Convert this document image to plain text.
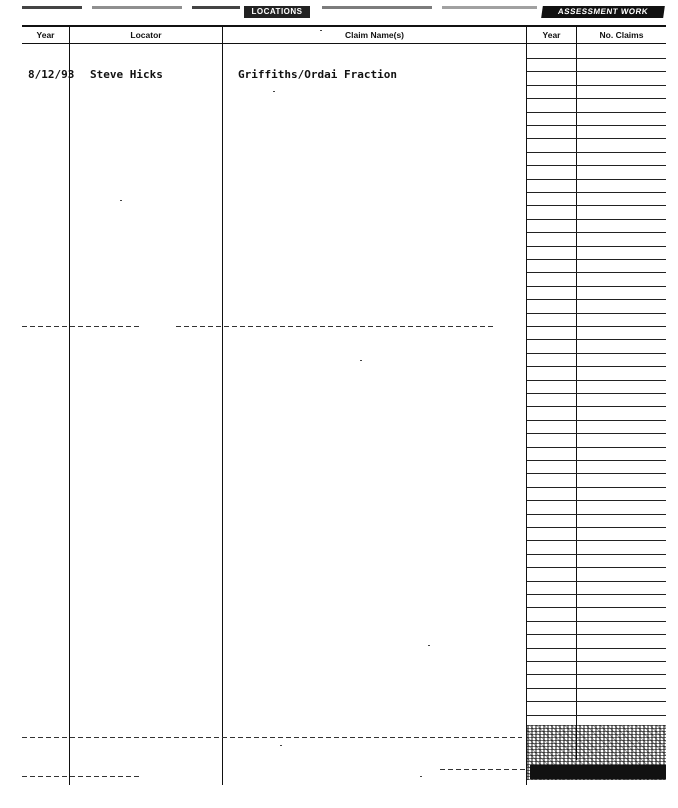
LOCATIONS	ASSESSMENT WORK
Year	Locator	Claim Name(s)	Year	No. Claims
8/12/93 Steve Hicks	Griffiths/Ordai Fraction
